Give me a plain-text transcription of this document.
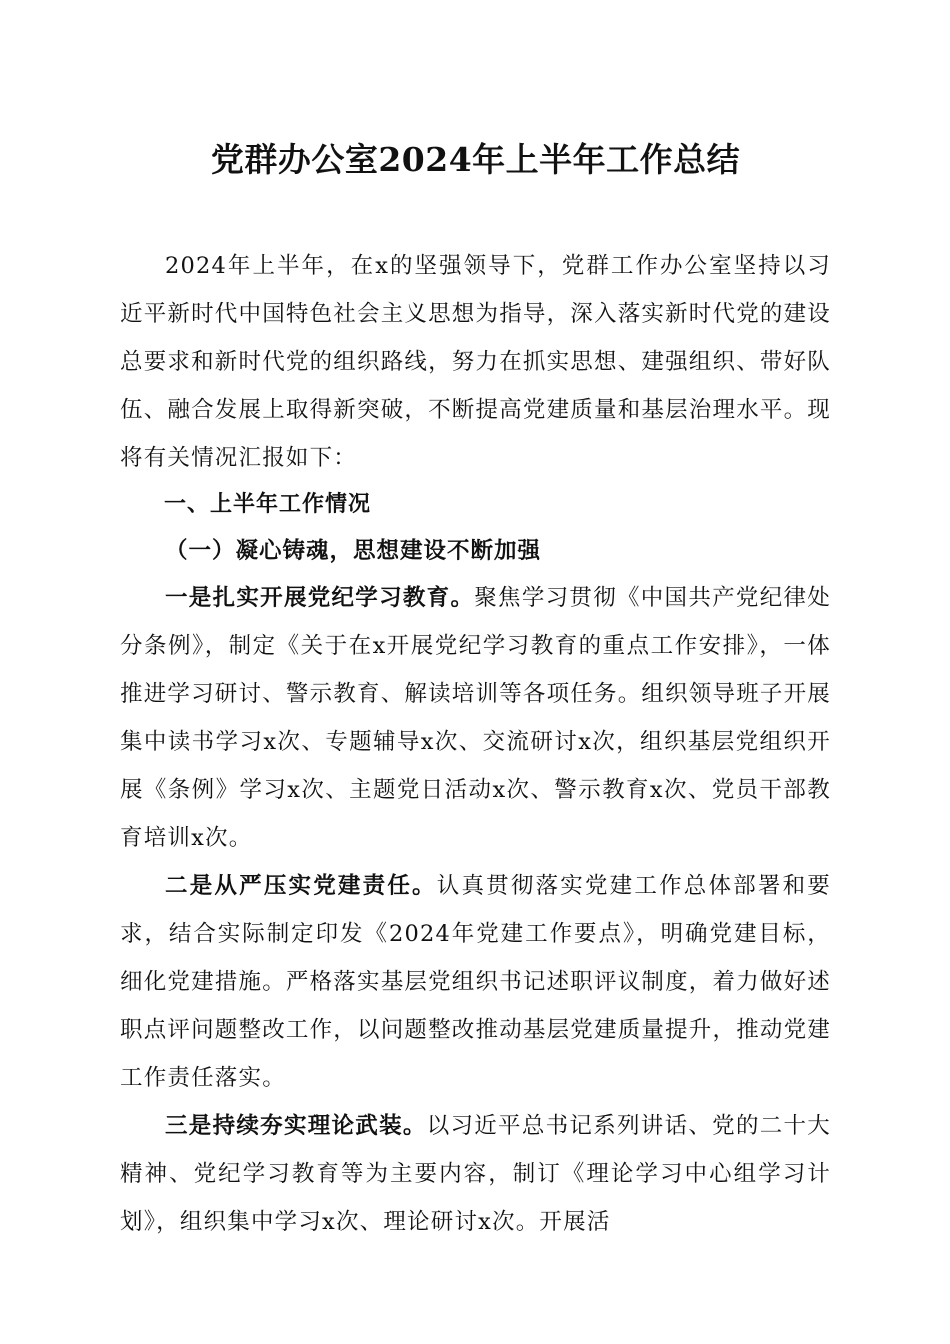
党群办公室2024年上半年工作总结

2024年上半年，在x的坚强领导下，党群工作办公室坚持以习近平新时代中国特色社会主义思想为指导，深入落实新时代党的建设总要求和新时代党的组织路线，努力在抓实思想、建强组织、带好队伍、融合发展上取得新突破，不断提高党建质量和基层治理水平。现将有关情况汇报如下：

一、上半年工作情况

（一）凝心铸魂，思想建设不断加强

一是扎实开展党纪学习教育。聚焦学习贯彻《中国共产党纪律处分条例》，制定《关于在x开展党纪学习教育的重点工作安排》，一体推进学习研讨、警示教育、解读培训等各项任务。组织领导班子开展集中读书学习x次、专题辅导x次、交流研讨x次，组织基层党组织开展《条例》学习x次、主题党日活动x次、警示教育x次、党员干部教育培训x次。

二是从严压实党建责任。认真贯彻落实党建工作总体部署和要求，结合实际制定印发《2024年党建工作要点》，明确党建目标，细化党建措施。严格落实基层党组织书记述职评议制度，着力做好述职点评问题整改工作，以问题整改推动基层党建质量提升，推动党建工作责任落实。

三是持续夯实理论武装。以习近平总书记系列讲话、党的二十大精神、党纪学习教育等为主要内容，制订《理论学习中心组学习计划》，组织集中学习x次、理论研讨x次。开展活
